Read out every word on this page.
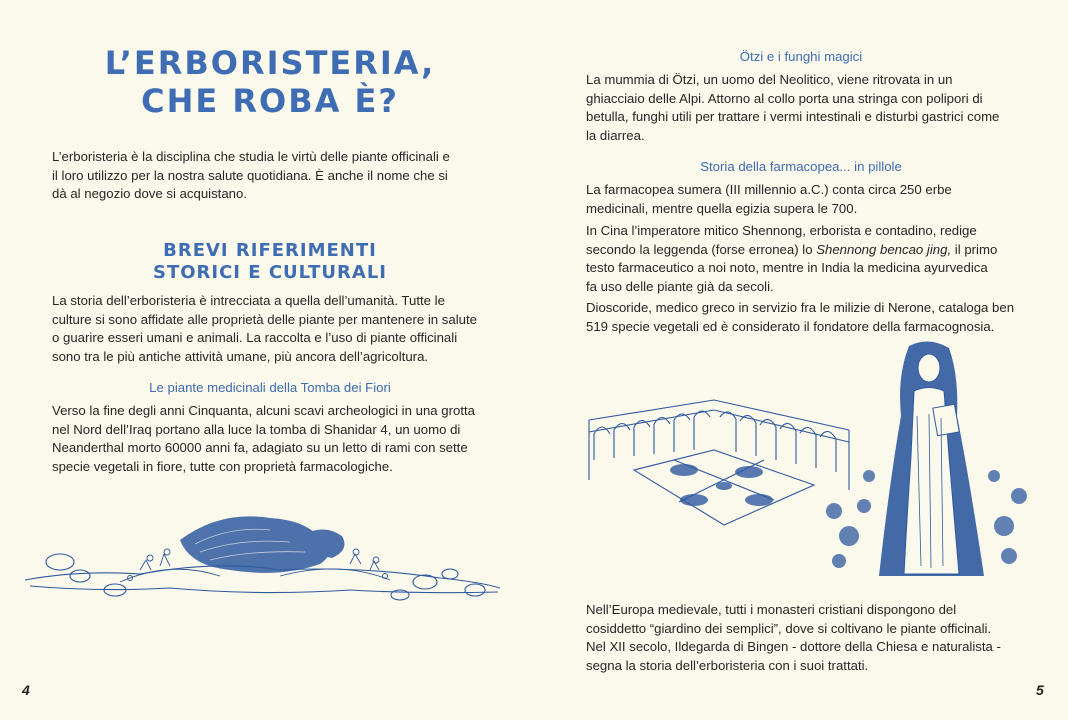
L’ERBORISTERIA,
CHE ROBA È?

L’erboristeria è la disciplina che studia le virtù delle piante officinali e il loro utilizzo per la nostra salute quotidiana. È anche il nome che si dà al negozio dove si acquistano.

BREVI RIFERIMENTI
STORICI E CULTURALI

La storia dell’erboristeria è intrecciata a quella dell’umanità. Tutte le culture si sono affidate alle proprietà delle piante per mantenere in salute o guarire esseri umani e animali. La raccolta e l’uso di piante officinali sono tra le più antiche attività umane, più ancora dell’agricoltura.

Le piante medicinali della Tomba dei Fiori

Verso la fine degli anni Cinquanta, alcuni scavi archeologici in una grotta nel Nord dell’Iraq portano alla luce la tomba di Shanidar 4, un uomo di Neanderthal morto 60000 anni fa, adagiato su un letto di rami con sette specie vegetali in fiore, tutte con proprietà farmacologiche.

4
Ötzi e i funghi magici

La mummia di Ötzi, un uomo del Neolitico, viene ritrovata in un ghiacciaio delle Alpi. Attorno al collo porta una stringa con polipori di betulla, funghi utili per trattare i vermi intestinali e disturbi gastrici come la diarrea.

Storia della farmacopea... in pillole

La farmacopea sumera (III millennio a.C.) conta circa 250 erbe medicinali, mentre quella egizia supera le 700.

In Cina l’imperatore mitico Shennong, erborista e contadino, redige secondo la leggenda (forse erronea) lo Shennong bencao jing, il primo testo farmaceutico a noi noto, mentre in India la medicina ayurvedica fa uso delle piante già da secoli.

Dioscoride, medico greco in servizio fra le milizie di Nerone, cataloga ben 519 specie vegetali ed è considerato il fondatore della farmacognosia.

Nell’Europa medievale, tutti i monasteri cristiani dispongono del cosiddetto “giardino dei semplici”, dove si coltivano le piante officinali. Nel XII secolo, Ildegarda di Bingen - dottore della Chiesa e naturalista - segna la storia dell’erboristeria con i suoi trattati.

5
